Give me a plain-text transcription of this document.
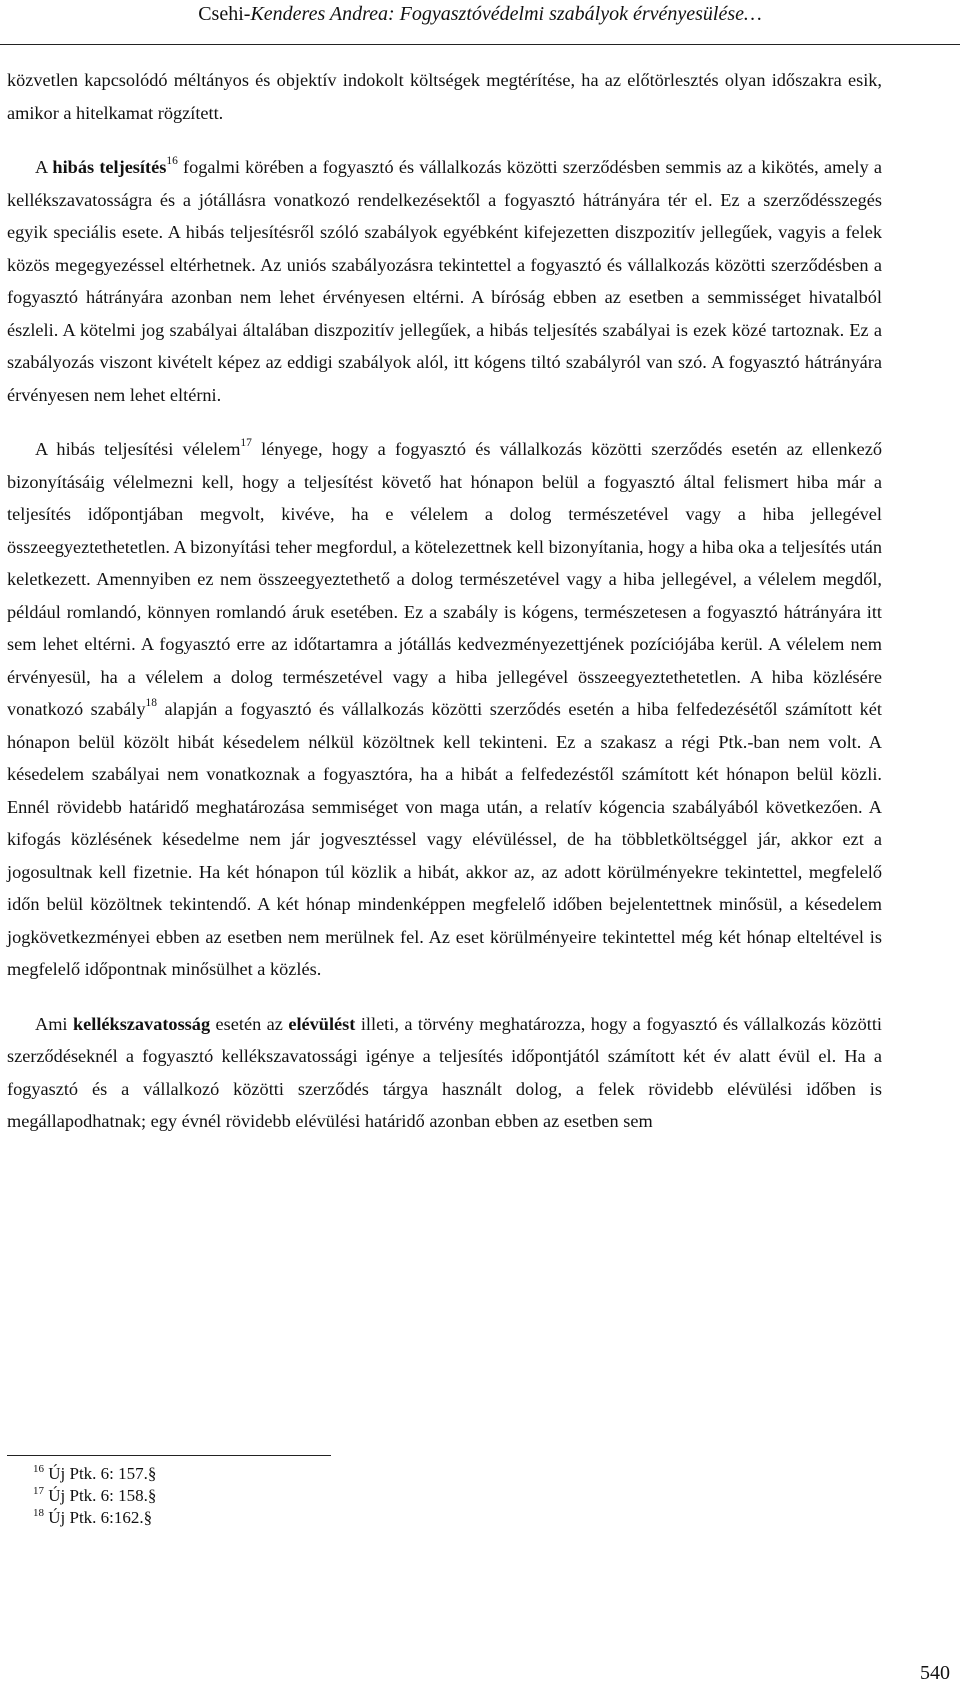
Csehi-Kenderes Andrea: Fogyasztóvédelmi szabályok érvényesülése…

közvetlen kapcsolódó méltányos és objektív indokolt költségek megtérítése, ha az előtörlesztés olyan időszakra esik, amikor a hitelkamat rögzített.

A hibás teljesítés$^{16}$ fogalmi körében a fogyasztó és vállalkozás közötti szerződésben semmis az a kikötés, amely a kellékszavatosságra és a jótállásra vonatkozó rendelkezésektől a fogyasztó hátrányára tér el. Ez a szerződésszegés egyik speciális esete. A hibás teljesítésről szóló szabályok egyébként kifejezetten diszpozitív jellegűek, vagyis a felek közös megegyezéssel eltérhetnek. Az uniós szabályozásra tekintettel a fogyasztó és vállalkozás közötti szerződésben a fogyasztó hátrányára azonban nem lehet érvényesen eltérni. A bíróság ebben az esetben a semmisséget hivatalból észleli. A kötelmi jog szabályai általában diszpozitív jellegűek, a hibás teljesítés szabályai is ezek közé tartoznak. Ez a szabályozás viszont kivételt képez az eddigi szabályok alól, itt kógens tiltó szabályról van szó. A fogyasztó hátrányára érvényesen nem lehet eltérni.

A hibás teljesítési vélelem$^{17}$ lényege, hogy a fogyasztó és vállalkozás közötti szerződés esetén az ellenkező bizonyításáig vélelmezni kell, hogy a teljesítést követő hat hónapon belül a fogyasztó által felismert hiba már a teljesítés időpontjában megvolt, kivéve, ha e vélelem a dolog természetével vagy a hiba jellegével összeegyeztethetetlen. A bizonyítási teher megfordul, a kötelezettnek kell bizonyítania, hogy a hiba oka a teljesítés után keletkezett. Amennyiben ez nem összeegyeztethető a dolog természetével vagy a hiba jellegével, a vélelem megdől, például romlandó, könnyen romlandó áruk esetében. Ez a szabály is kógens, természetesen a fogyasztó hátrányára itt sem lehet eltérni. A fogyasztó erre az időtartamra a jótállás kedvezményezettjének pozíciójába kerül. A vélelem nem érvényesül, ha a vélelem a dolog természetével vagy a hiba jellegével összeegyeztethetetlen. A hiba közlésére vonatkozó szabály$^{18}$ alapján a fogyasztó és vállalkozás közötti szerződés esetén a hiba felfedezésétől számított két hónapon belül közölt hibát késedelem nélkül közöltnek kell tekinteni. Ez a szakasz a régi Ptk.-ban nem volt. A késedelem szabályai nem vonatkoznak a fogyasztóra, ha a hibát a felfedezéstől számított két hónapon belül közli. Ennél rövidebb határidő meghatározása semmiséget von maga után, a relatív kógencia szabályából következően. A kifogás közlésének késedelme nem jár jogvesztéssel vagy elévüléssel, de ha többletköltséggel jár, akkor ezt a jogosultnak kell fizetnie. Ha két hónapon túl közlik a hibát, akkor az, az adott körülményekre tekintettel, megfelelő időn belül közöltnek tekintendő. A két hónap mindenképpen megfelelő időben bejelentettnek minősül, a késedelem jogkövetkezményei ebben az esetben nem merülnek fel. Az eset körülményeire tekintettel még két hónap elteltével is megfelelő időpontnak minősülhet a közlés.

Ami kellékszavatosság esetén az elévülést illeti, a törvény meghatározza, hogy a fogyasztó és vállalkozás közötti szerződéseknél a fogyasztó kellékszavatossági igénye a teljesítés időpontjától számított két év alatt évül el. Ha a fogyasztó és a vállalkozó közötti szerződés tárgya használt dolog, a felek rövidebb elévülési időben is megállapodhatnak; egy évnél rövidebb elévülési határidő azonban ebben az esetben sem

$^{16}$ Új Ptk. 6: 157.§
$^{17}$ Új Ptk. 6: 158.§
$^{18}$ Új Ptk. 6:162.§
540
